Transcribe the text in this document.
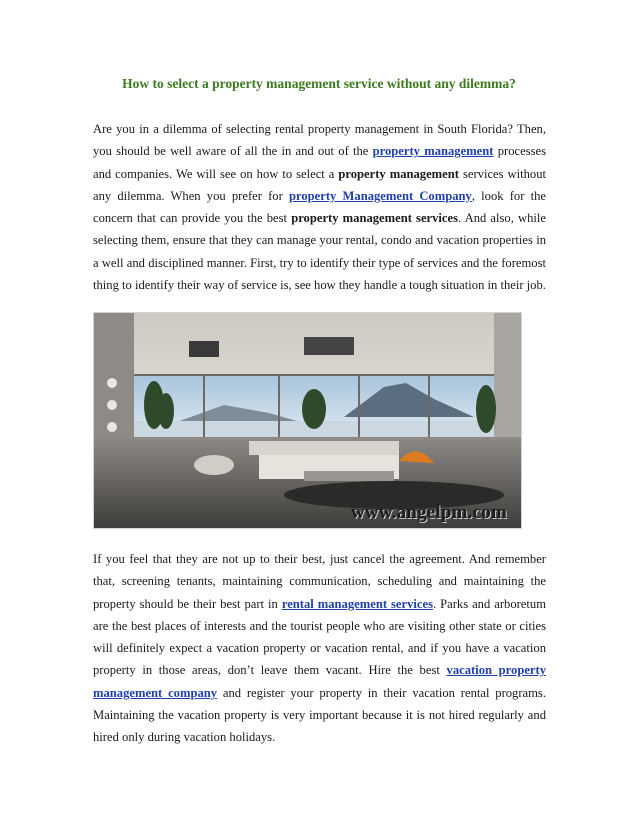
How to select a property management service without any dilemma?
Are you in a dilemma of selecting rental property management in South Florida? Then, you should be well aware of all the in and out of the property management processes and companies. We will see on how to select a property management services without any dilemma. When you prefer for property Management Company, look for the concern that can provide you the best property management services. And also, while selecting them, ensure that they can manage your rental, condo and vacation properties in a well and disciplined manner. First, try to identify their type of services and the foremost thing to identify their way of service is, see how they handle a tough situation in their job.
www.angelpm.com
If you feel that they are not up to their best, just cancel the agreement. And remember that, screening tenants, maintaining communication, scheduling and maintaining the property should be their best part in rental management services. Parks and arboretum are the best places of interests and the tourist people who are visiting other state or cities will definitely expect a vacation property or vacation rental, and if you have a vacation property in those areas, don’t leave them vacant. Hire the best vacation property management company and register your property in their vacation rental programs. Maintaining the vacation property is very important because it is not hired regularly and hired only during vacation holidays.
